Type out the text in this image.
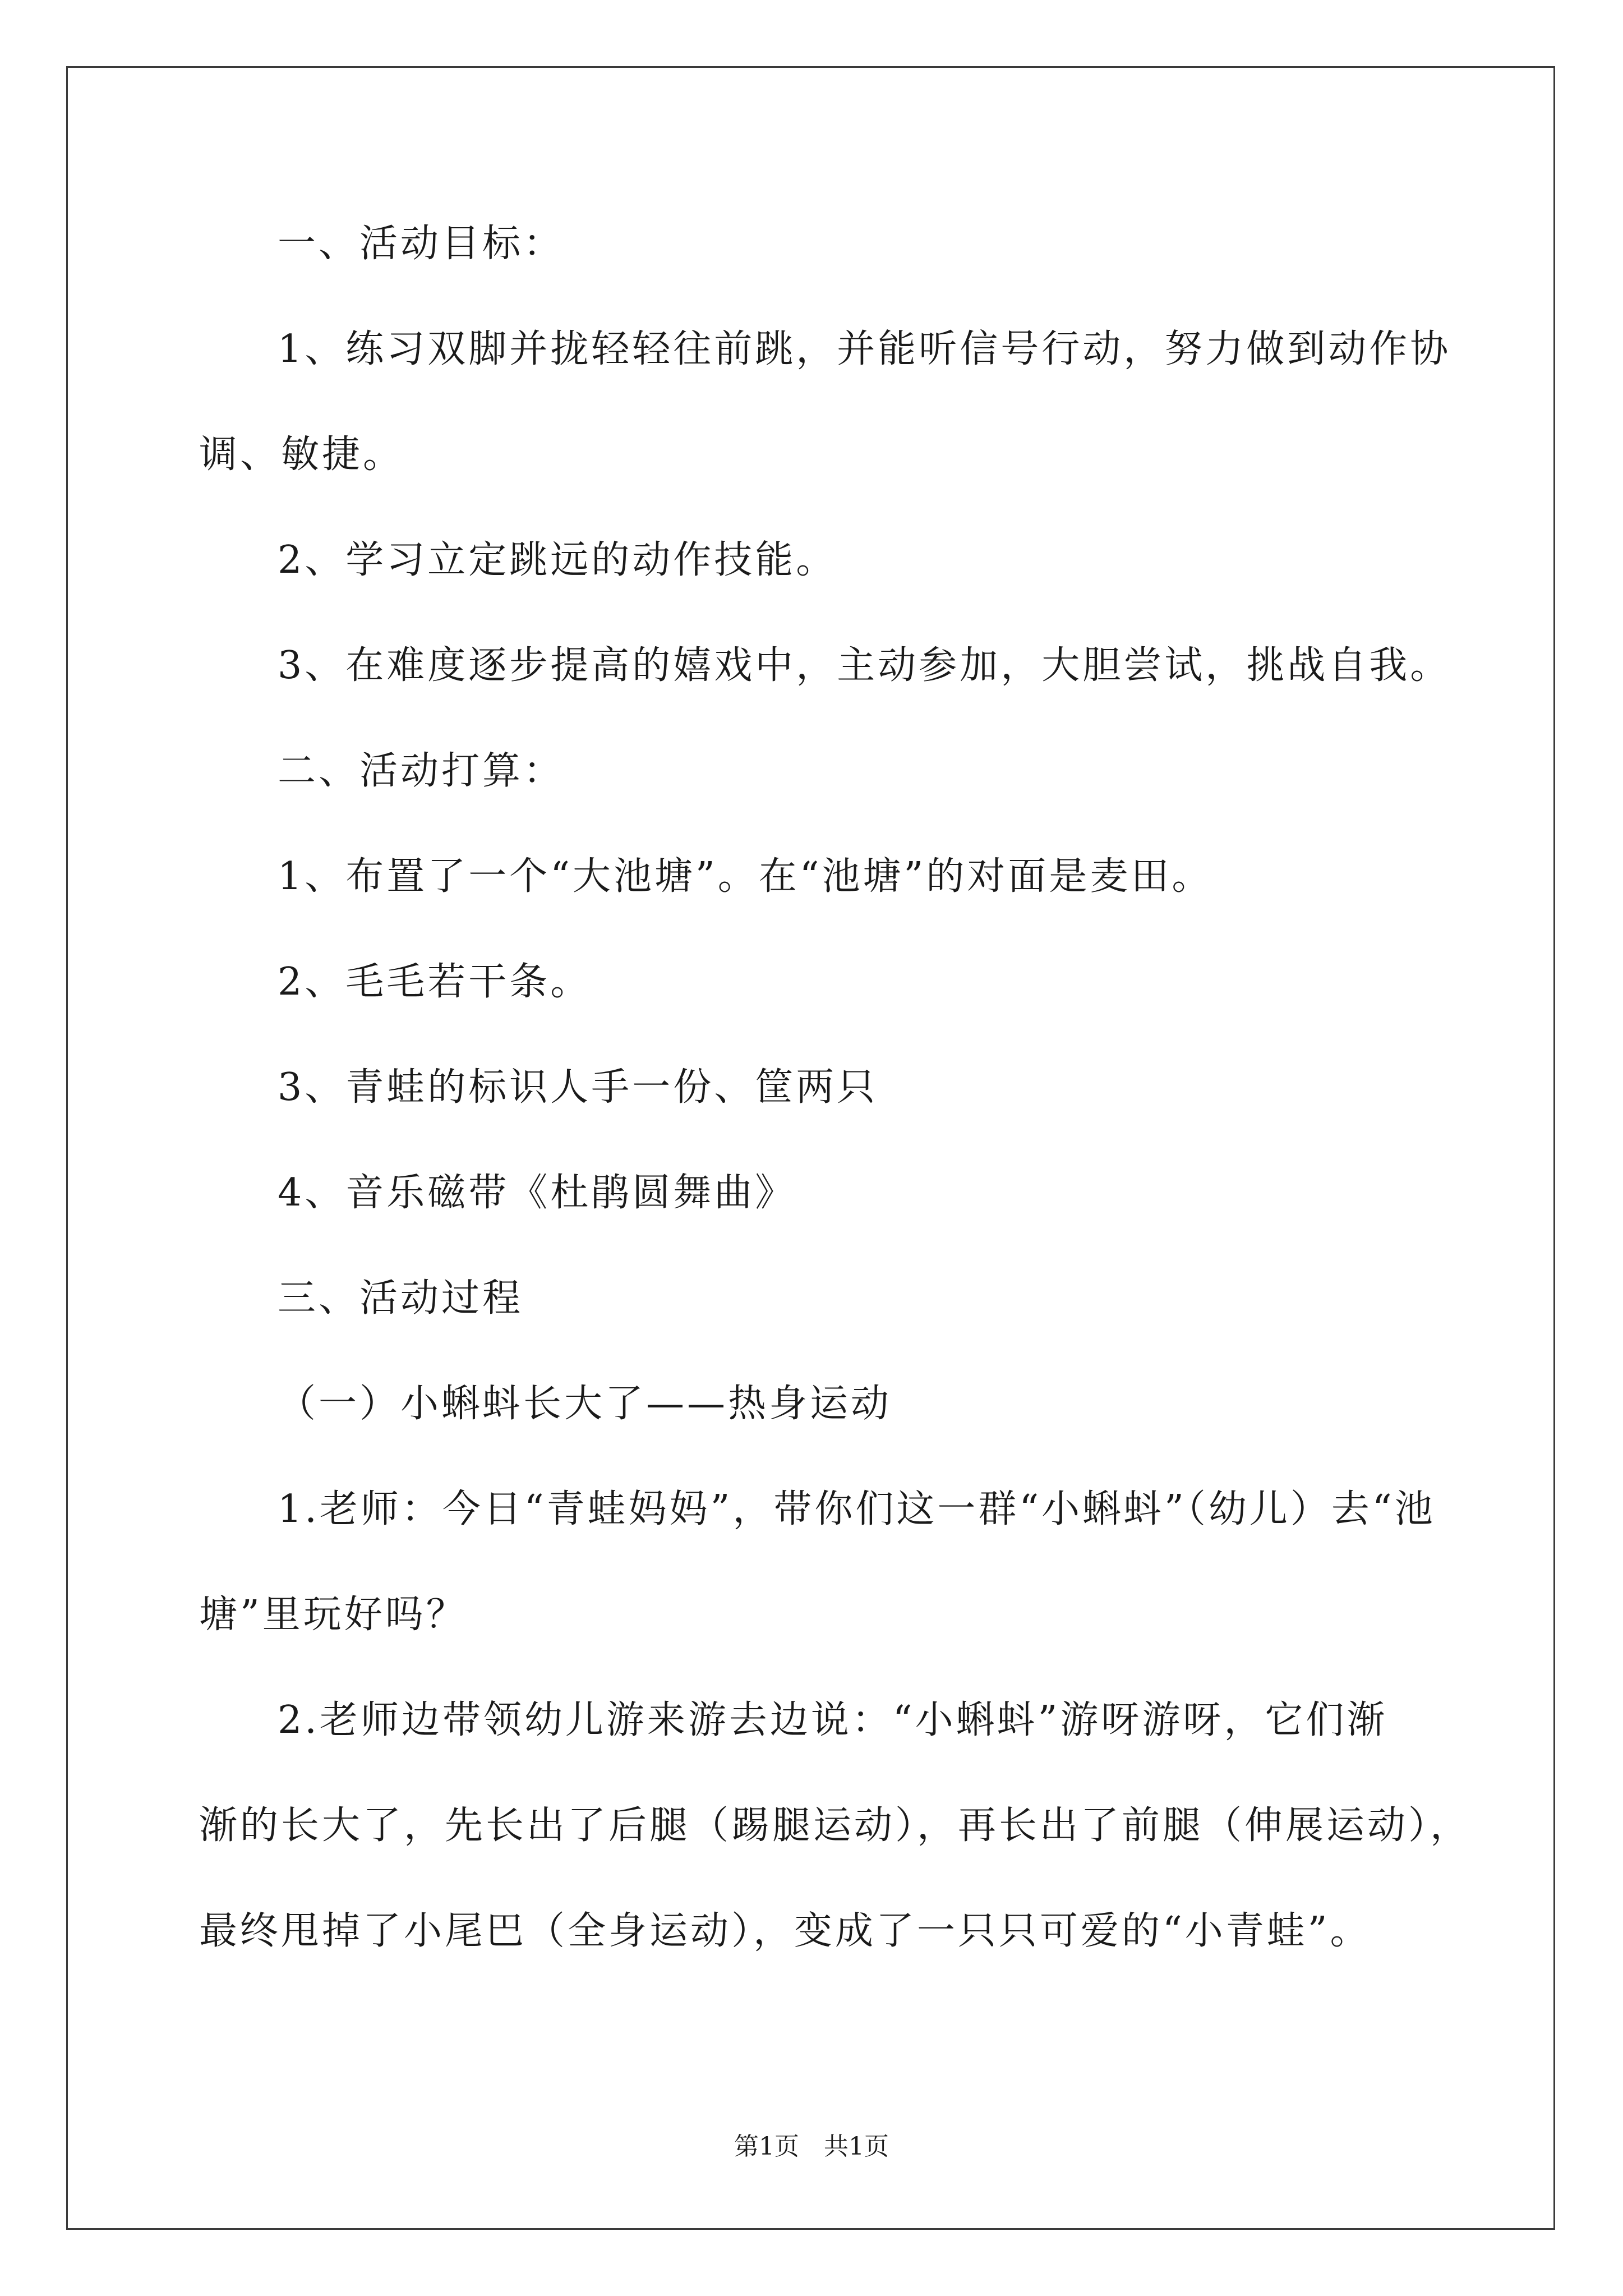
一、活动目标：
1、练习双脚并拢轻轻往前跳，并能听信号行动，努力做到动作协
调、敏捷。
2、学习立定跳远的动作技能。
3、在难度逐步提高的嬉戏中，主动参加，大胆尝试，挑战自我。
二、活动打算：
1、布置了一个“大池塘”。在“池塘”的对面是麦田。
2、毛毛若干条。
3、青蛙的标识人手一份、筐两只
4、音乐磁带《杜鹃圆舞曲》
三、活动过程
（一）小蝌蚪长大了——热身运动
1.老师：今日“青蛙妈妈”，带你们这一群“小蝌蚪”（幼儿）去“池
塘”里玩好吗？
2.老师边带领幼儿游来游去边说：“小蝌蚪”游呀游呀，它们渐
渐的长大了，先长出了后腿（踢腿运动），再长出了前腿（伸展运动），
最终甩掉了小尾巴（全身运动），变成了一只只可爱的“小青蛙”。
第1页　共1页
